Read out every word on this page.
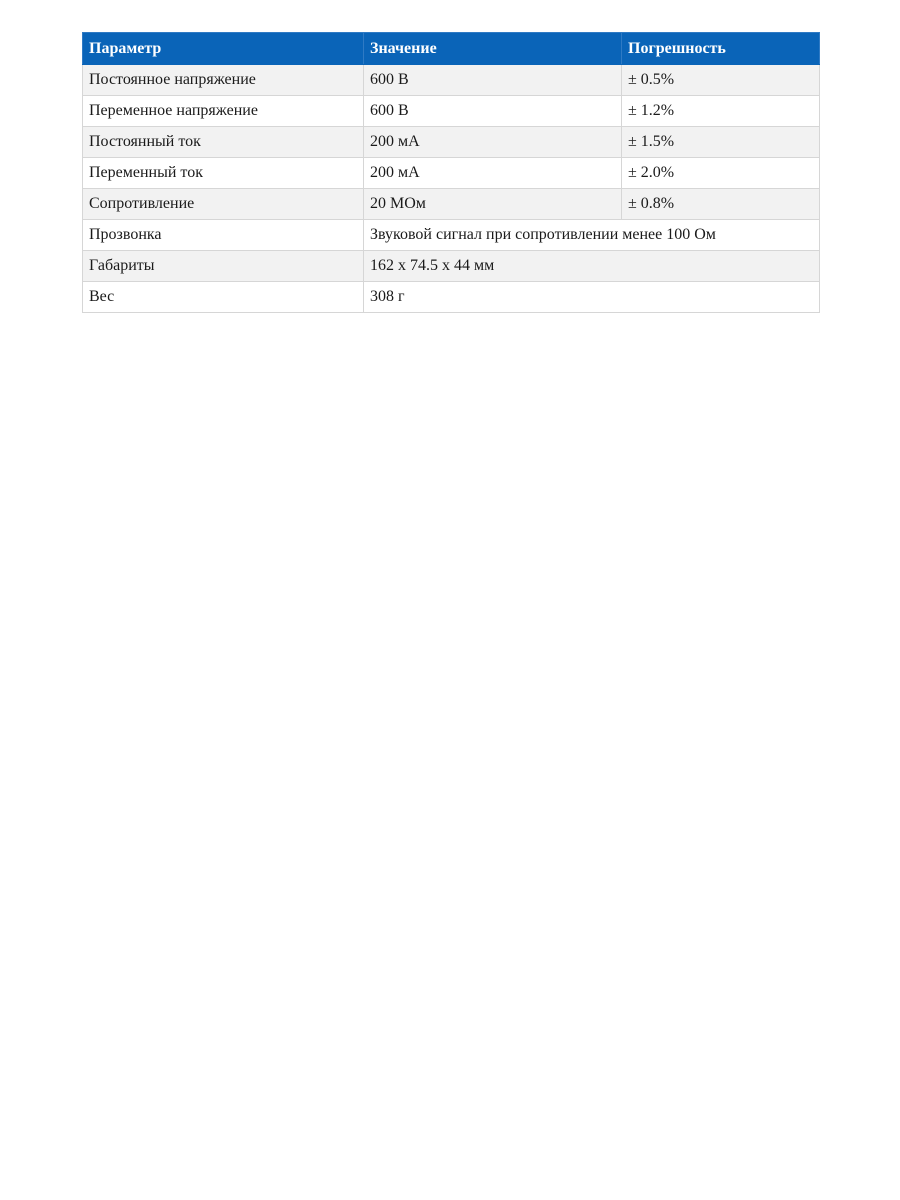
Параметр	Значение	Погрешность
Постоянное напряжение	600 В	± 0.5%
Переменное напряжение	600 В	± 1.2%
Постоянный ток	200 мА	± 1.5%
Переменный ток	200 мА	± 2.0%
Сопротивление	20 МОм	± 0.8%
Прозвонка	Звуковой сигнал при сопротивлении менее 100 Ом	
Габариты	162 x 74.5 x 44 мм	
Вес	308 г	
